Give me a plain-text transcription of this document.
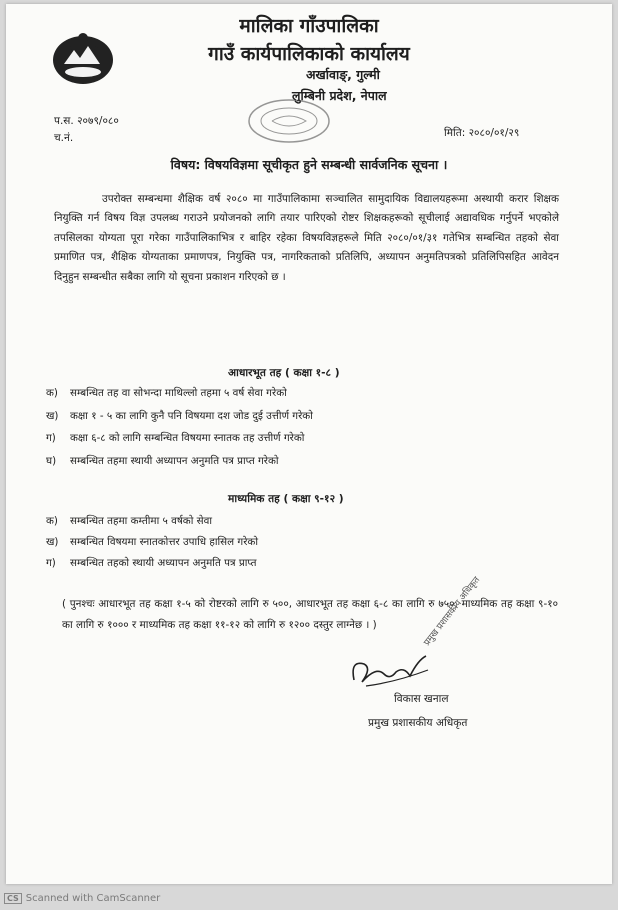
मालिका गाँउपालिका
गाउँ कार्यपालिकाको कार्यालय
अर्खावाङ्, गुल्मी
लुम्बिनी प्रदेश, नेपाल
प.स. २०७९/०८०
च.नं.	मिति: २०८०/०१/२९
विषय: विषयविज्ञमा सूचीकृत हुने सम्बन्धी सार्वजनिक सूचना ।

उपरोक्त सम्बन्धमा शैक्षिक वर्ष २०८० मा गाउँपालिकामा सञ्चालित सामुदायिक विद्यालयहरूमा अस्थायी करार शिक्षक नियुक्ति गर्न विषय विज्ञ उपलब्ध गराउने प्रयोजनको लागि तयार पारिएको रोष्टर शिक्षकहरूको सूचीलाई अद्यावधिक गर्नुपर्ने भएकोले तपसिलका योग्यता पूरा गरेका गाउँपालिकाभित्र र बाहिर रहेका विषयविज्ञहरूले मिति २०८०/०१/३१ गतेभित्र सम्बन्धित तहको सेवा प्रमाणित पत्र, शैक्षिक योग्यताका प्रमाणपत्र, नियुक्ति पत्र, नागरिकताको प्रतिलिपि, अध्यापन अनुमतिपत्रको प्रतिलिपिसहित आवेदन दिनुहुन सम्बन्धीत सबैका लागि यो सूचना प्रकाशन गरिएको छ ।

आधारभूत तह ( कक्षा १-८ )
क) सम्बन्धित तह वा सोभन्दा माथिल्लो तहमा ५ वर्ष सेवा गरेको
ख) कक्षा १ - ५ का लागि कुनै पनि विषयमा दश जोड दुई उत्तीर्ण गरेको
ग) कक्षा ६-८ को लागि सम्बन्धित विषयमा स्नातक तह उत्तीर्ण गरेको
घ) सम्बन्धित तहमा स्थायी अध्यापन अनुमति पत्र प्राप्त गरेको
माध्यमिक तह ( कक्षा ९-१२ )
क) सम्बन्धित तहमा कम्तीमा ५ वर्षको सेवा
ख) सम्बन्धित विषयमा स्नातकोत्तर उपाधि हासिल गरेको
ग) सम्बन्धित तहको स्थायी अध्यापन अनुमति पत्र प्राप्त

( पुनश्चः आधारभूत तह कक्षा १-५ को रोष्टरको लागि रु ५००, आधारभूत तह कक्षा ६-८ का लागि रु ७५०, माध्यमिक तह कक्षा ९-१० का लागि रु १००० र माध्यमिक तह कक्षा ११-१२ को लागि रु १२०० दस्तुर लाग्नेछ । )	प्रमुख प्रशासकीय अधिकृत
विकास खनाल
प्रमुख प्रशासकीय अधिकृत
CS Scanned with CamScanner
